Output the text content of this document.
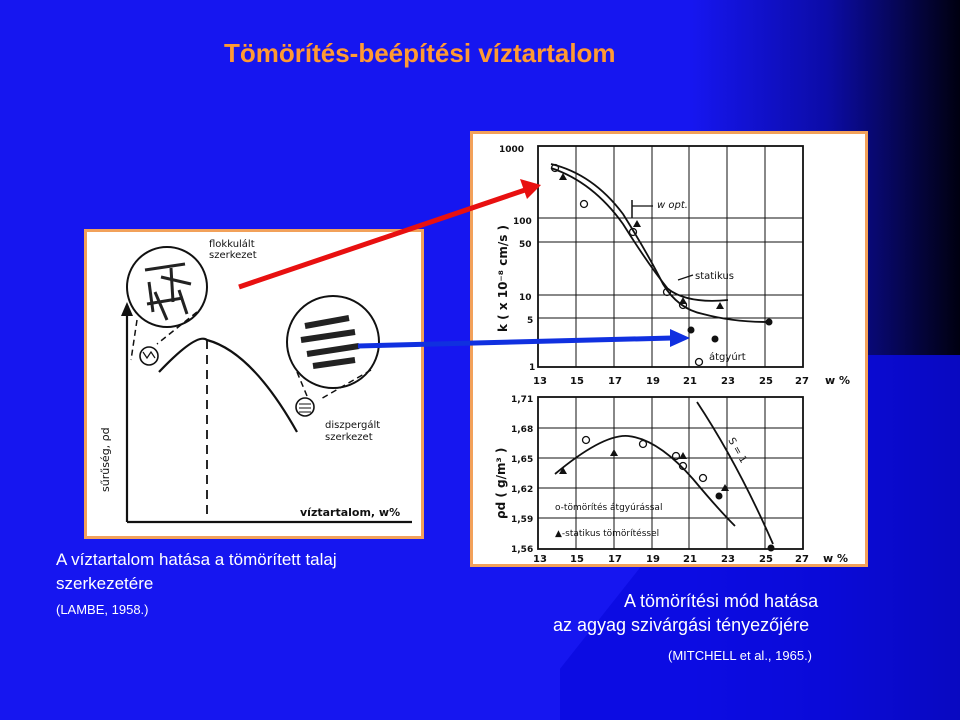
Tömörítés-beépítési víztartalom
flokkulált
szerkezet
diszpergált
szerkezet
sűrűség, ρd
víztartalom, w%
1000
100
50
10
5
1
13 15 17 19 21 23 25 27 w %
k ( x 10⁻⁸ cm/s )
w opt.
statikus
átgyúrt
1,71
1,68
1,65
1,62
1,59
1,56
13 15 17 19 21 23 25 27 w %
ρd ( g/m³ )	S = 1
o-tömörítés átgyúrással
▲-statikus tömörítéssel
A víztartalom hatása a tömörített talaj
szerkezetére
(LAMBE, 1958.)	A tömörítési mód hatása
az agyag szivárgási tényezőjére
(MITCHELL et al., 1965.)
